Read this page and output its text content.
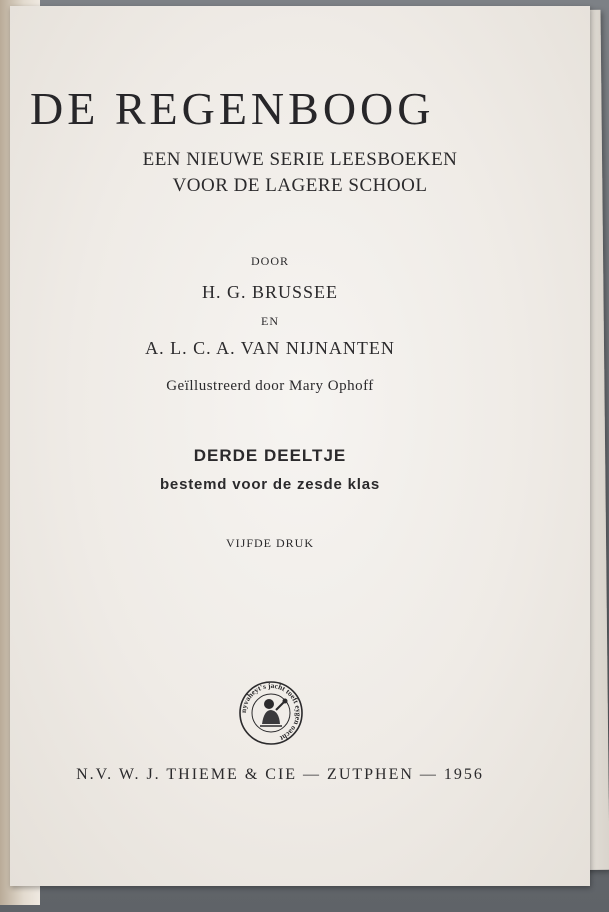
DE REGENBOOG
EEN NIEUWE SERIE LEESBOEKEN
VOOR DE LAGERE SCHOOL
DOOR
H. G. BRUSSEE
EN
A. L. C. A. VAN NIJNANTEN
Geïllustreerd door Mary Ophoff
DERDE DEELTJE
bestemd voor de zesde klas
VIJFDE DRUK
nyvaheyt's jacht toeft eygen oacht
N.V. W. J. THIEME & CIE — ZUTPHEN — 1956
